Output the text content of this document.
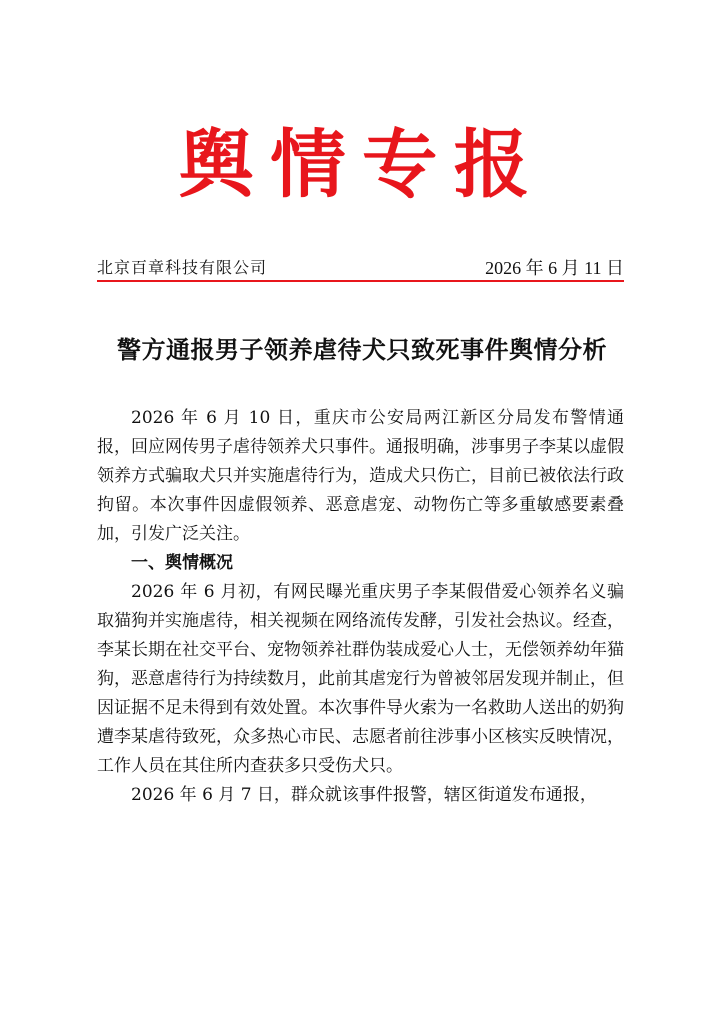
舆情专报
北京百章科技有限公司	2026 年 6 月 11 日
警方通报男子领养虐待犬只致死事件舆情分析

2026 年 6 月 10 日，重庆市公安局两江新区分局发布警情通报，回应网传男子虐待领养犬只事件。通报明确，涉事男子李某以虚假领养方式骗取犬只并实施虐待行为，造成犬只伤亡，目前已被依法行政拘留。本次事件因虚假领养、恶意虐宠、动物伤亡等多重敏感要素叠加，引发广泛关注。

一、舆情概况

2026 年 6 月初，有网民曝光重庆男子李某假借爱心领养名义骗取猫狗并实施虐待，相关视频在网络流传发酵，引发社会热议。经查，李某长期在社交平台、宠物领养社群伪装成爱心人士，无偿领养幼年猫狗，恶意虐待行为持续数月，此前其虐宠行为曾被邻居发现并制止，但因证据不足未得到有效处置。本次事件导火索为一名救助人送出的奶狗遭李某虐待致死，众多热心市民、志愿者前往涉事小区核实反映情况，工作人员在其住所内查获多只受伤犬只。

2026 年 6 月 7 日，群众就该事件报警，辖区街道发布通报，
